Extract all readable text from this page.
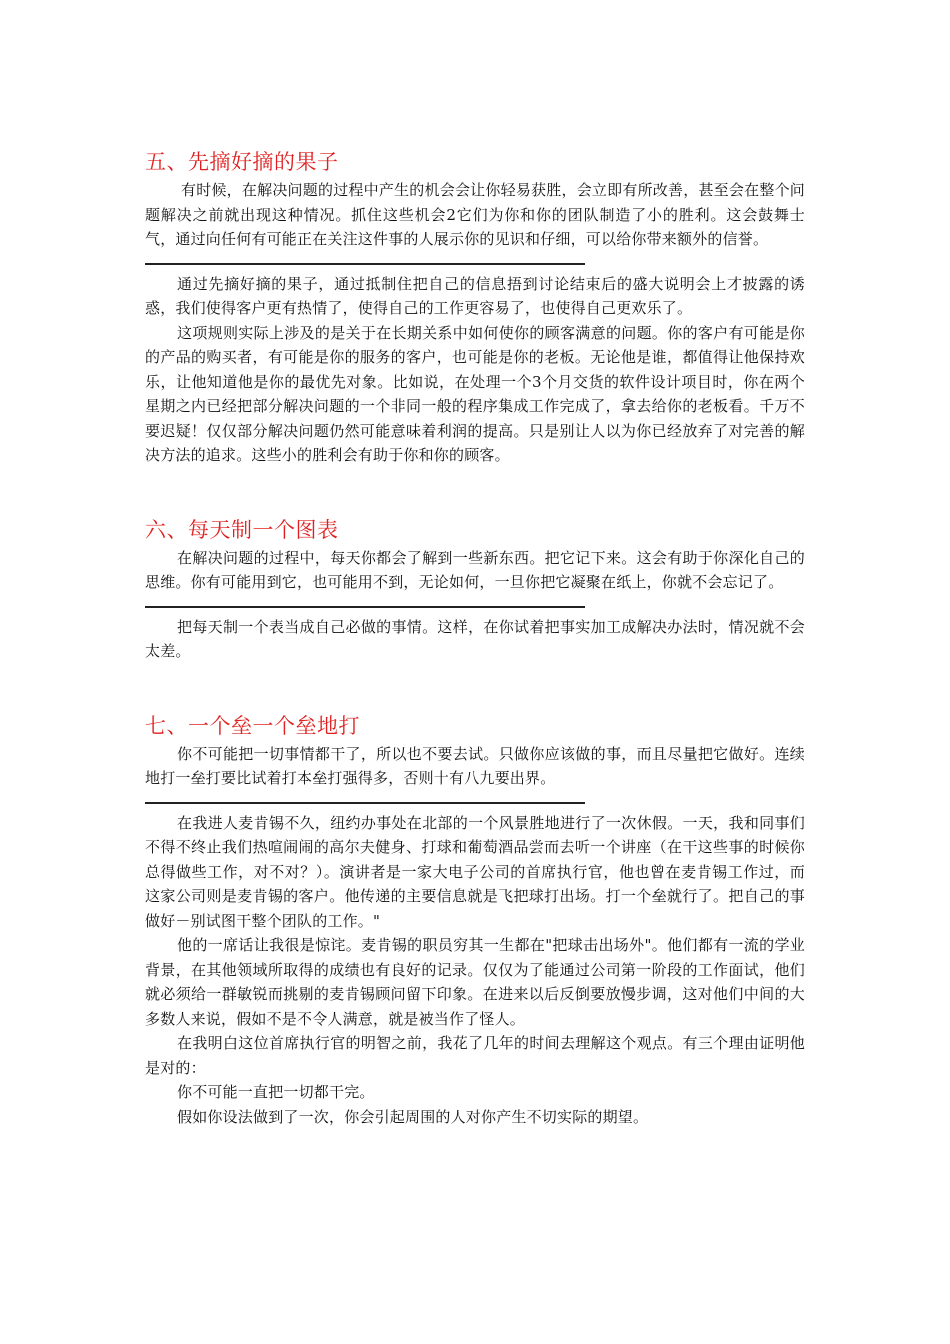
五、先摘好摘的果子

有时候，在解决问题的过程中产生的机会会让你轻易获胜，会立即有所改善，甚至会在整个问题解决之前就出现这种情况。抓住这些机会2它们为你和你的团队制造了小的胜利。这会鼓舞士气，通过向任何有可能正在关注这件事的人展示你的见识和仔细，可以给你带来额外的信誉。

通过先摘好摘的果子，通过抵制住把自己的信息捂到讨论结束后的盛大说明会上才披露的诱惑，我们使得客户更有热情了，使得自己的工作更容易了，也使得自己更欢乐了。

这项规则实际上涉及的是关于在长期关系中如何使你的顾客满意的问题。你的客户有可能是你的产品的购买者，有可能是你的服务的客户，也可能是你的老板。无论他是谁，都值得让他保持欢乐，让他知道他是你的最优先对象。比如说，在处理一个3个月交货的软件设计项目时，你在两个星期之内已经把部分解决问题的一个非同一般的程序集成工作完成了，拿去给你的老板看。千万不要迟疑！仅仅部分解决问题仍然可能意味着利润的提高。只是别让人以为你已经放弃了对完善的解决方法的追求。这些小的胜利会有助于你和你的顾客。

六、每天制一个图表

在解决问题的过程中，每天你都会了解到一些新东西。把它记下来。这会有助于你深化自己的思维。你有可能用到它，也可能用不到，无论如何，一旦你把它凝聚在纸上，你就不会忘记了。

把每天制一个表当成自己必做的事情。这样，在你试着把事实加工成解决办法时，情况就不会太差。

七、一个垒一个垒地打

你不可能把一切事情都干了，所以也不要去试。只做你应该做的事，而且尽量把它做好。连续地打一垒打要比试着打本垒打强得多，否则十有八九要出界。

在我进人麦肯锡不久，纽约办事处在北部的一个风景胜地进行了一次休假。一天，我和同事们不得不终止我们热喧闹闹的高尔夫健身、打球和葡萄酒品尝而去听一个讲座（在干这些事的时候你总得做些工作，对不对？）。演讲者是一家大电子公司的首席执行官，他也曾在麦肯锡工作过，而这家公司则是麦肯锡的客户。他传递的主要信息就是飞把球打出场。打一个垒就行了。把自己的事做好－别试图干整个团队的工作。"

他的一席话让我很是惊诧。麦肯锡的职员穷其一生都在"把球击出场外"。他们都有一流的学业背景，在其他领域所取得的成绩也有良好的记录。仅仅为了能通过公司第一阶段的工作面试，他们就必须给一群敏锐而挑剔的麦肯锡顾问留下印象。在进来以后反倒要放慢步调，这对他们中间的大多数人来说，假如不是不令人满意，就是被当作了怪人。

在我明白这位首席执行官的明智之前，我花了几年的时间去理解这个观点。有三个理由证明他是对的：

你不可能一直把一切都干完。

假如你设法做到了一次，你会引起周围的人对你产生不切实际的期望。
